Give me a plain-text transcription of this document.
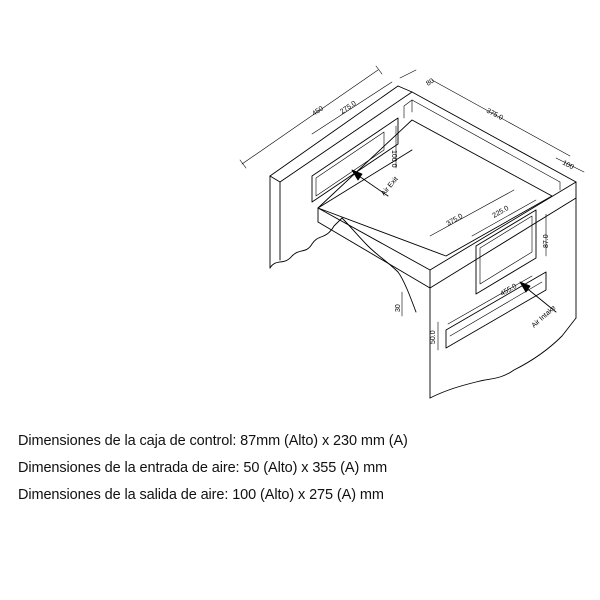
450
80
375.0
100
275.0
100.0
375.0
225.0
87.0
455.0
50.0
30
Air Exit
Air Intake
Dimensiones de la caja de control: 87mm (Alto) x 230 mm (A)
Dimensiones de la entrada de aire: 50 (Alto) x 355 (A) mm
Dimensiones de la salida de aire: 100 (Alto) x 275 (A) mm
